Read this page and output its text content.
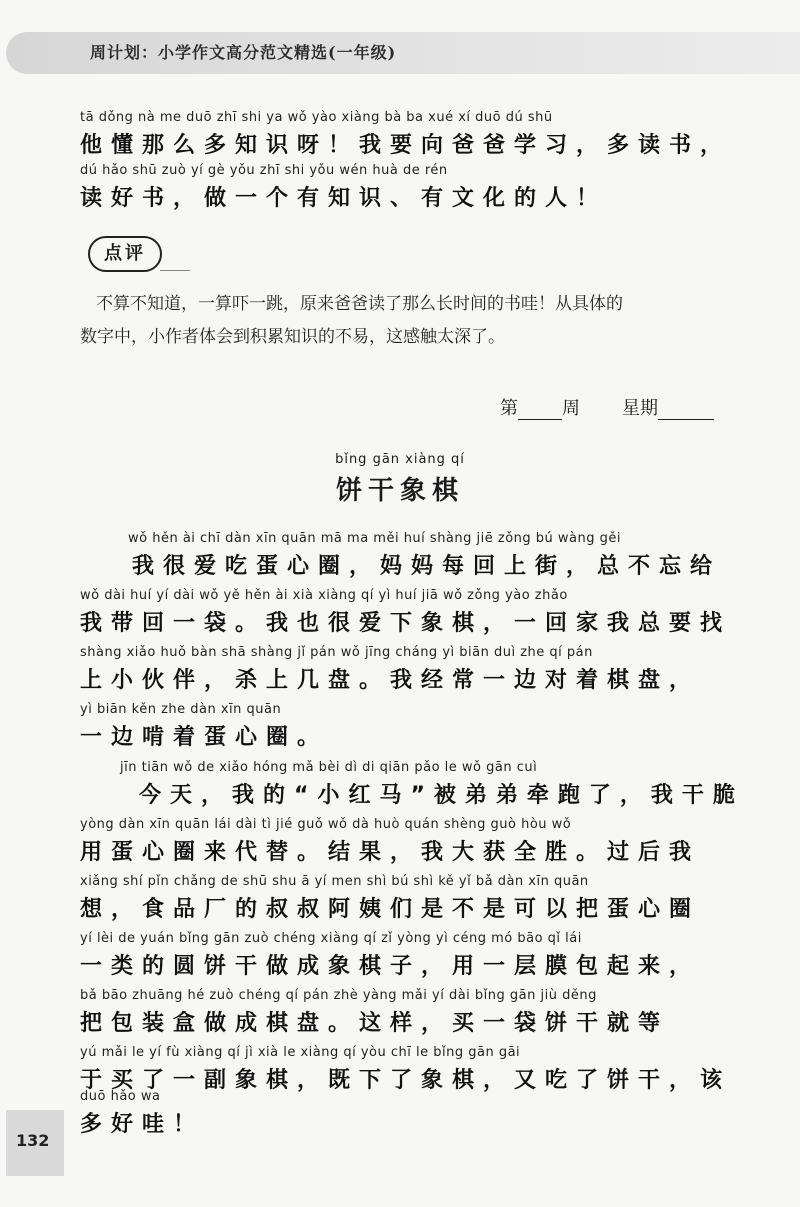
周计划：小学作文高分范文精选(一年级)
tā dǒng nà me duō zhī shi ya wǒ yào xiàng bà ba xué xí duō dú shū
他懂那么多知识呀！我要向爸爸学习，多读书，
dú hǎo shū zuò yí gè yǒu zhī shi yǒu wén huà de rén
读好书，做一个有知识、有文化的人！
点评
不算不知道，一算吓一跳，原来爸爸读了那么长时间的书哇！从具体的
数字中，小作者体会到积累知识的不易，这感触太深了。
第 周 星期
bǐng gān xiàng qí
饼干象棋
wǒ hěn ài chī dàn xīn quān mā ma měi huí shàng jiē zǒng bú wàng gěi
我很爱吃蛋心圈，妈妈每回上街，总不忘给
wǒ dài huí yí dài wǒ yě hěn ài xià xiàng qí yì huí jiā wǒ zǒng yào zhǎo
我带回一袋。我也很爱下象棋，一回家我总要找
shàng xiǎo huǒ bàn shā shàng jǐ pán wǒ jīng cháng yì biān duì zhe qí pán
上小伙伴，杀上几盘。我经常一边对着棋盘，
yì biān kěn zhe dàn xīn quān
一边啃着蛋心圈。
jīn tiān wǒ de xiǎo hóng mǎ bèi dì di qiān pǎo le wǒ gān cuì
　今天，我的“小红马”被弟弟牵跑了，我干脆
yòng dàn xīn quān lái dài tì jié guǒ wǒ dà huò quán shèng guò hòu wǒ
用蛋心圈来代替。结果，我大获全胜。过后我
xiǎng shí pǐn chǎng de shū shu ā yí men shì bú shì kě yǐ bǎ dàn xīn quān
想，食品厂的叔叔阿姨们是不是可以把蛋心圈
yí lèi de yuán bǐng gān zuò chéng xiàng qí zǐ yòng yì céng mó bāo qǐ lái
一类的圆饼干做成象棋子，用一层膜包起来，
bǎ bāo zhuāng hé zuò chéng qí pán zhè yàng mǎi yí dài bǐng gān jiù děng
把包装盒做成棋盘。这样，买一袋饼干就等
yú mǎi le yí fù xiàng qí jì xià le xiàng qí yòu chī le bǐng gān gāi
于买了一副象棋，既下了象棋，又吃了饼干，该
duō hǎo wa
多好哇！
132
